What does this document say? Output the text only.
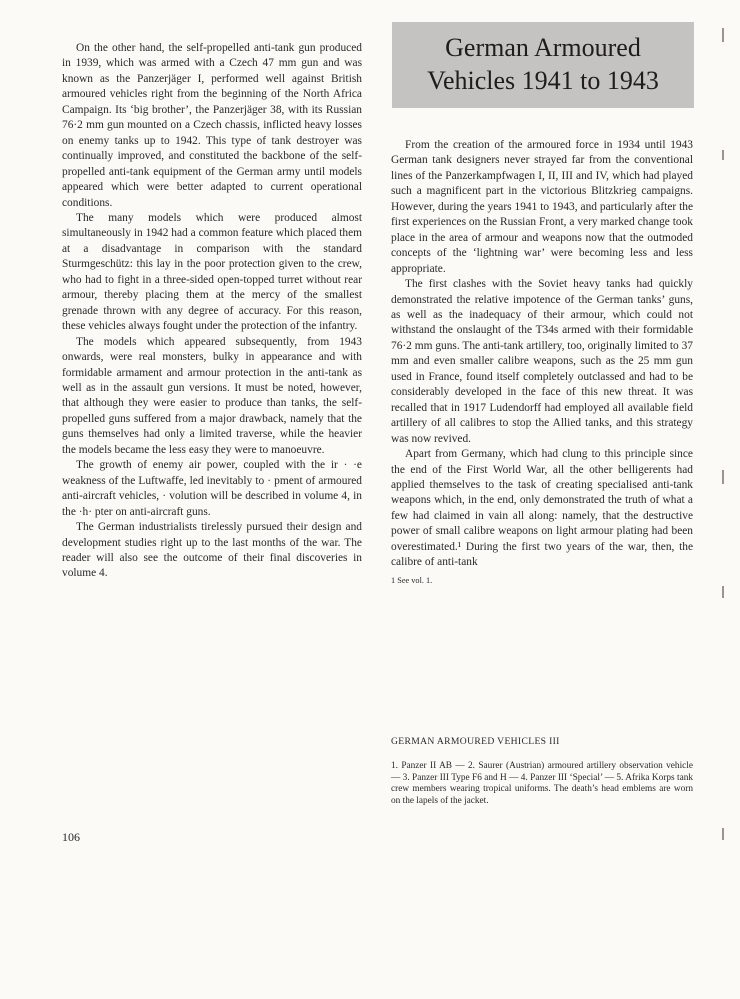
On the other hand, the self-propelled anti-tank gun produced in 1939, which was armed with a Czech 47 mm gun and was known as the Panzerjäger I, performed well against British armoured vehicles right from the beginning of the North Africa Campaign. Its ‘big brother’, the Panzerjäger 38, with its Russian 76·2 mm gun mounted on a Czech chassis, inflicted heavy losses on enemy tanks up to 1942. This type of tank destroyer was continually improved, and constituted the backbone of the self-propelled anti-tank equipment of the German army until models appeared which were better adapted to current operational conditions.

The many models which were produced almost simultaneously in 1942 had a common feature which placed them at a disadvantage in comparison with the standard Sturmgeschütz: this lay in the poor protection given to the crew, who had to fight in a three-sided open-topped turret without rear armour, thereby placing them at the mercy of the smallest grenade thrown with any degree of accuracy. For this reason, these vehicles always fought under the protection of the infantry.

The models which appeared subsequently, from 1943 onwards, were real monsters, bulky in appearance and with formidable armament and armour protection in the anti-tank as well as in the assault gun versions. It must be noted, however, that although they were easier to produce than tanks, the self-propelled guns suffered from a major drawback, namely that the guns themselves had only a limited traverse, while the heavier the models became the less easy they were to manoeuvre.

The growth of enemy air power, coupled with the ir · ·e weakness of the Luftwaffe, led inevitably to · pment of armoured anti-aircraft vehicles, · volution will be described in volume 4, in the ·h· pter on anti-aircraft guns.

The German industrialists tirelessly pursued their design and development studies right up to the last months of the war. The reader will also see the outcome of their final discoveries in volume 4.

German Armoured
Vehicles 1941 to 1943

From the creation of the armoured force in 1934 until 1943 German tank designers never strayed far from the conventional lines of the Panzerkampfwagen I, II, III and IV, which had played such a magnificent part in the victorious Blitzkrieg campaigns. However, during the years 1941 to 1943, and particularly after the first experiences on the Russian Front, a very marked change took place in the area of armour and weapons now that the outmoded concepts of the ‘lightning war’ were becoming less and less appropriate.

The first clashes with the Soviet heavy tanks had quickly demonstrated the relative impotence of the German tanks’ guns, as well as the inadequacy of their armour, which could not withstand the onslaught of the T34s armed with their formidable 76·2 mm guns. The anti-tank artillery, too, originally limited to 37 mm and even smaller calibre weapons, such as the 25 mm gun used in France, found itself completely outclassed and had to be considerably developed in the face of this new threat. It was recalled that in 1917 Ludendorff had employed all available field artillery of all calibres to stop the Allied tanks, and this strategy was now revived.

Apart from Germany, which had clung to this principle since the end of the First World War, all the other belligerents had applied themselves to the task of creating specialised anti-tank weapons which, in the end, only demonstrated the truth of what a few had claimed in vain all along: namely, that the destructive power of small calibre weapons on light armour plating had been overestimated.¹ During the first two years of the war, then, the calibre of anti-tank

1 See vol. 1.
GERMAN ARMOURED VEHICLES III
1. Panzer II AB — 2. Saurer (Austrian) armoured artillery observation vehicle — 3. Panzer III Type F6 and H — 4. Panzer III ‘Special’ — 5. Afrika Korps tank crew members wearing tropical uniforms. The death’s head emblems are worn on the lapels of the jacket.
106
